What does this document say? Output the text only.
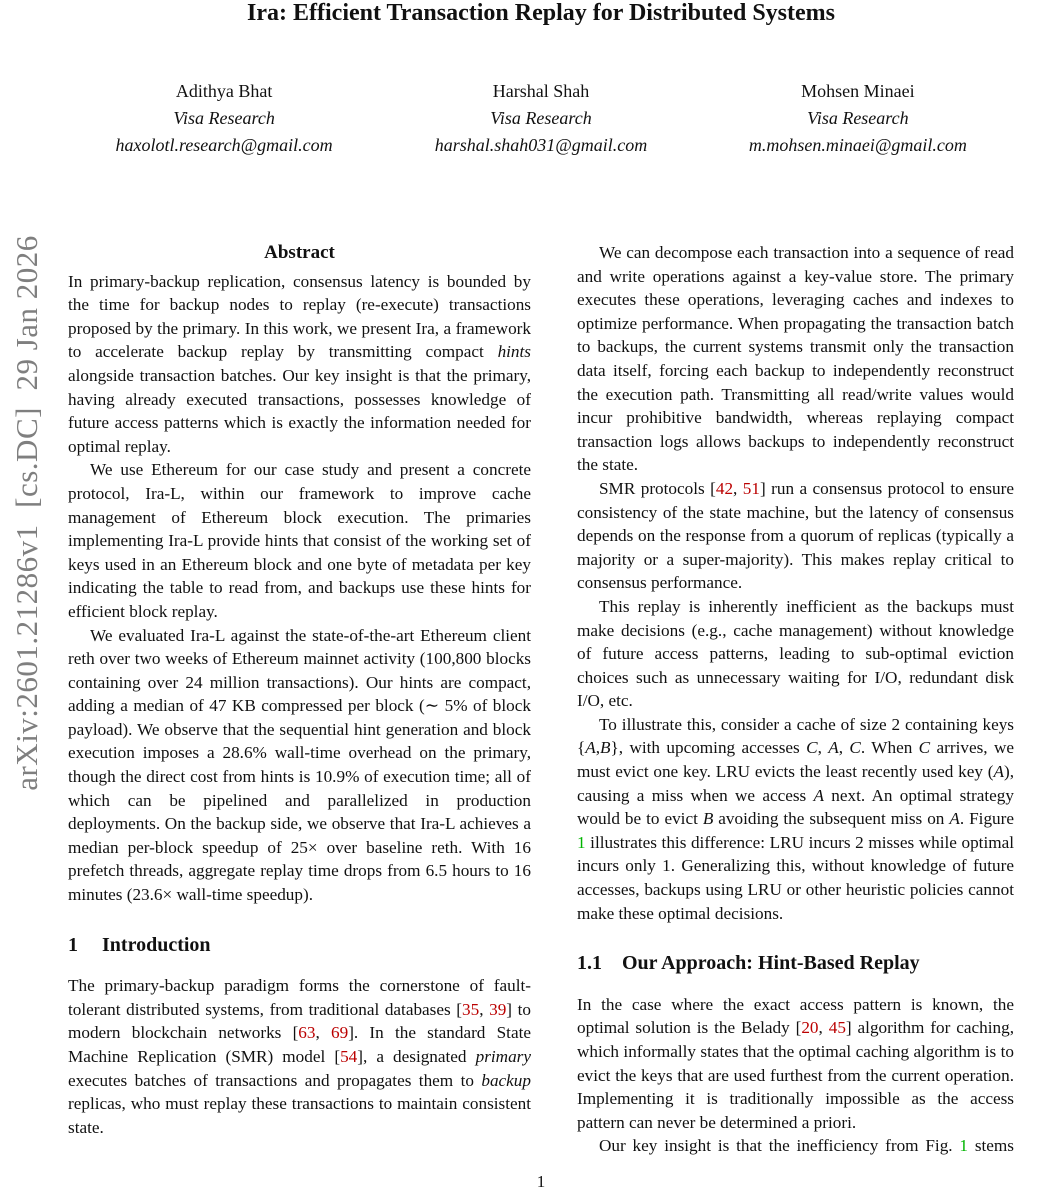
arXiv:2601.21286v1  [cs.DC]  29 Jan 2026
Ira: Efficient Transaction Replay for Distributed Systems
Adithya Bhat
Visa Research
haxolotl.research@gmail.com
Harshal Shah
Visa Research
harshal.shah031@gmail.com
Mohsen Minaei
Visa Research
m.mohsen.minaei@gmail.com
Abstract

In primary-backup replication, consensus latency is bounded by the time for backup nodes to replay (re-execute) transactions proposed by the primary. In this work, we present Ira, a framework to accelerate backup replay by transmitting compact hints alongside transaction batches. Our key insight is that the primary, having already executed transactions, possesses knowledge of future access patterns which is exactly the information needed for optimal replay.

We use Ethereum for our case study and present a concrete protocol, Ira-L, within our framework to improve cache management of Ethereum block execution. The primaries implementing Ira-L provide hints that consist of the working set of keys used in an Ethereum block and one byte of metadata per key indicating the table to read from, and backups use these hints for efficient block replay.

We evaluated Ira-L against the state-of-the-art Ethereum client reth over two weeks of Ethereum mainnet activity (100,800 blocks containing over 24 million transactions). Our hints are compact, adding a median of 47 KB compressed per block (∼ 5% of block payload). We observe that the sequential hint generation and block execution imposes a 28.6% wall-time overhead on the primary, though the direct cost from hints is 10.9% of execution time; all of which can be pipelined and parallelized in production deployments. On the backup side, we observe that Ira-L achieves a median per-block speedup of 25× over baseline reth. With 16 prefetch threads, aggregate replay time drops from 6.5 hours to 16 minutes (23.6× wall-time speedup).

1 Introduction

The primary-backup paradigm forms the cornerstone of fault-tolerant distributed systems, from traditional databases [35, 39] to modern blockchain networks [63, 69]. In the standard State Machine Replication (SMR) model [54], a designated primary executes batches of transactions and propagates them to backup replicas, who must replay these transactions to maintain consistent state.

We can decompose each transaction into a sequence of read and write operations against a key-value store. The primary executes these operations, leveraging caches and indexes to optimize performance. When propagating the transaction batch to backups, the current systems transmit only the transaction data itself, forcing each backup to independently reconstruct the execution path. Transmitting all read/write values would incur prohibitive bandwidth, whereas replaying compact transaction logs allows backups to independently reconstruct the state.

SMR protocols [42, 51] run a consensus protocol to ensure consistency of the state machine, but the latency of consensus depends on the response from a quorum of replicas (typically a majority or a super-majority). This makes replay critical to consensus performance.

This replay is inherently inefficient as the backups must make decisions (e.g., cache management) without knowledge of future access patterns, leading to sub-optimal eviction choices such as unnecessary waiting for I/O, redundant disk I/O, etc.

To illustrate this, consider a cache of size 2 containing keys {A,B}, with upcoming accesses C, A, C. When C arrives, we must evict one key. LRU evicts the least recently used key (A), causing a miss when we access A next. An optimal strategy would be to evict B avoiding the subsequent miss on A. Figure 1 illustrates this difference: LRU incurs 2 misses while optimal incurs only 1. Generalizing this, without knowledge of future accesses, backups using LRU or other heuristic policies cannot make these optimal decisions.

1.1 Our Approach: Hint-Based Replay

In the case where the exact access pattern is known, the optimal solution is the Belady [20, 45] algorithm for caching, which informally states that the optimal caching algorithm is to evict the keys that are used furthest from the current operation. Implementing it is traditionally impossible as the access pattern can never be determined a priori.

Our key insight is that the inefficiency from Fig. 1 stems

1
